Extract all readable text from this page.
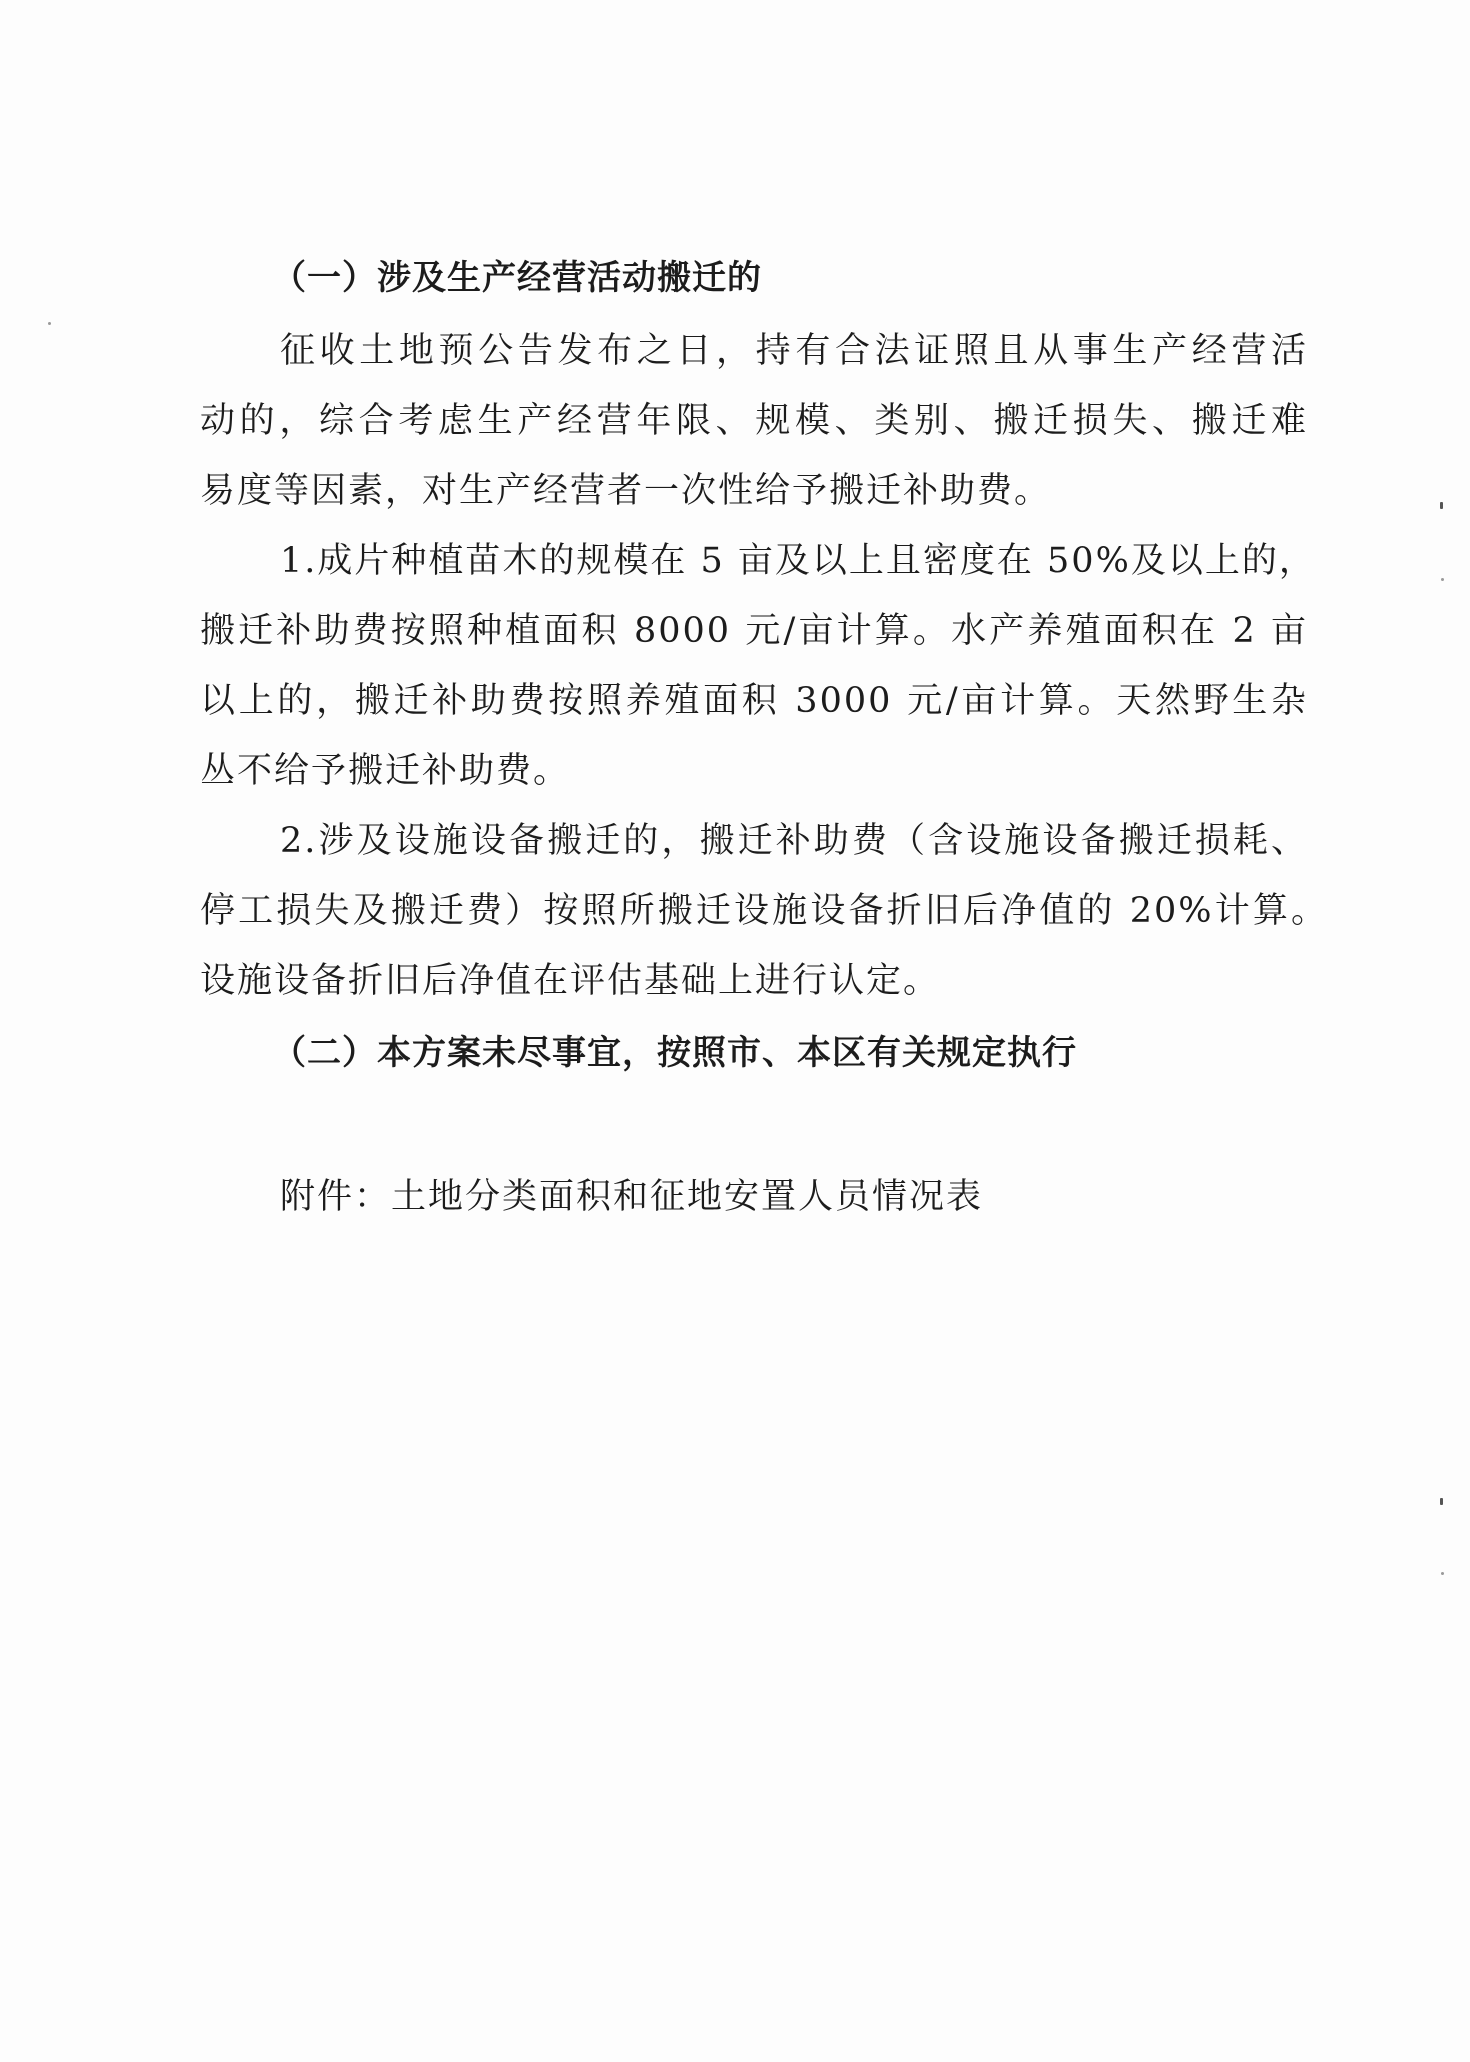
（一）涉及生产经营活动搬迁的
征收土地预公告发布之日，持有合法证照且从事生产经营活
动的，综合考虑生产经营年限、规模、类别、搬迁损失、搬迁难
易度等因素，对生产经营者一次性给予搬迁补助费。
1.成片种植苗木的规模在 5 亩及以上且密度在 50%及以上的，
搬迁补助费按照种植面积 8000 元/亩计算。水产养殖面积在 2 亩
以上的，搬迁补助费按照养殖面积 3000 元/亩计算。天然野生杂
丛不给予搬迁补助费。
2.涉及设施设备搬迁的，搬迁补助费（含设施设备搬迁损耗、
停工损失及搬迁费）按照所搬迁设施设备折旧后净值的 20%计算。
设施设备折旧后净值在评估基础上进行认定。
（二）本方案未尽事宜，按照市、本区有关规定执行
附件：土地分类面积和征地安置人员情况表
